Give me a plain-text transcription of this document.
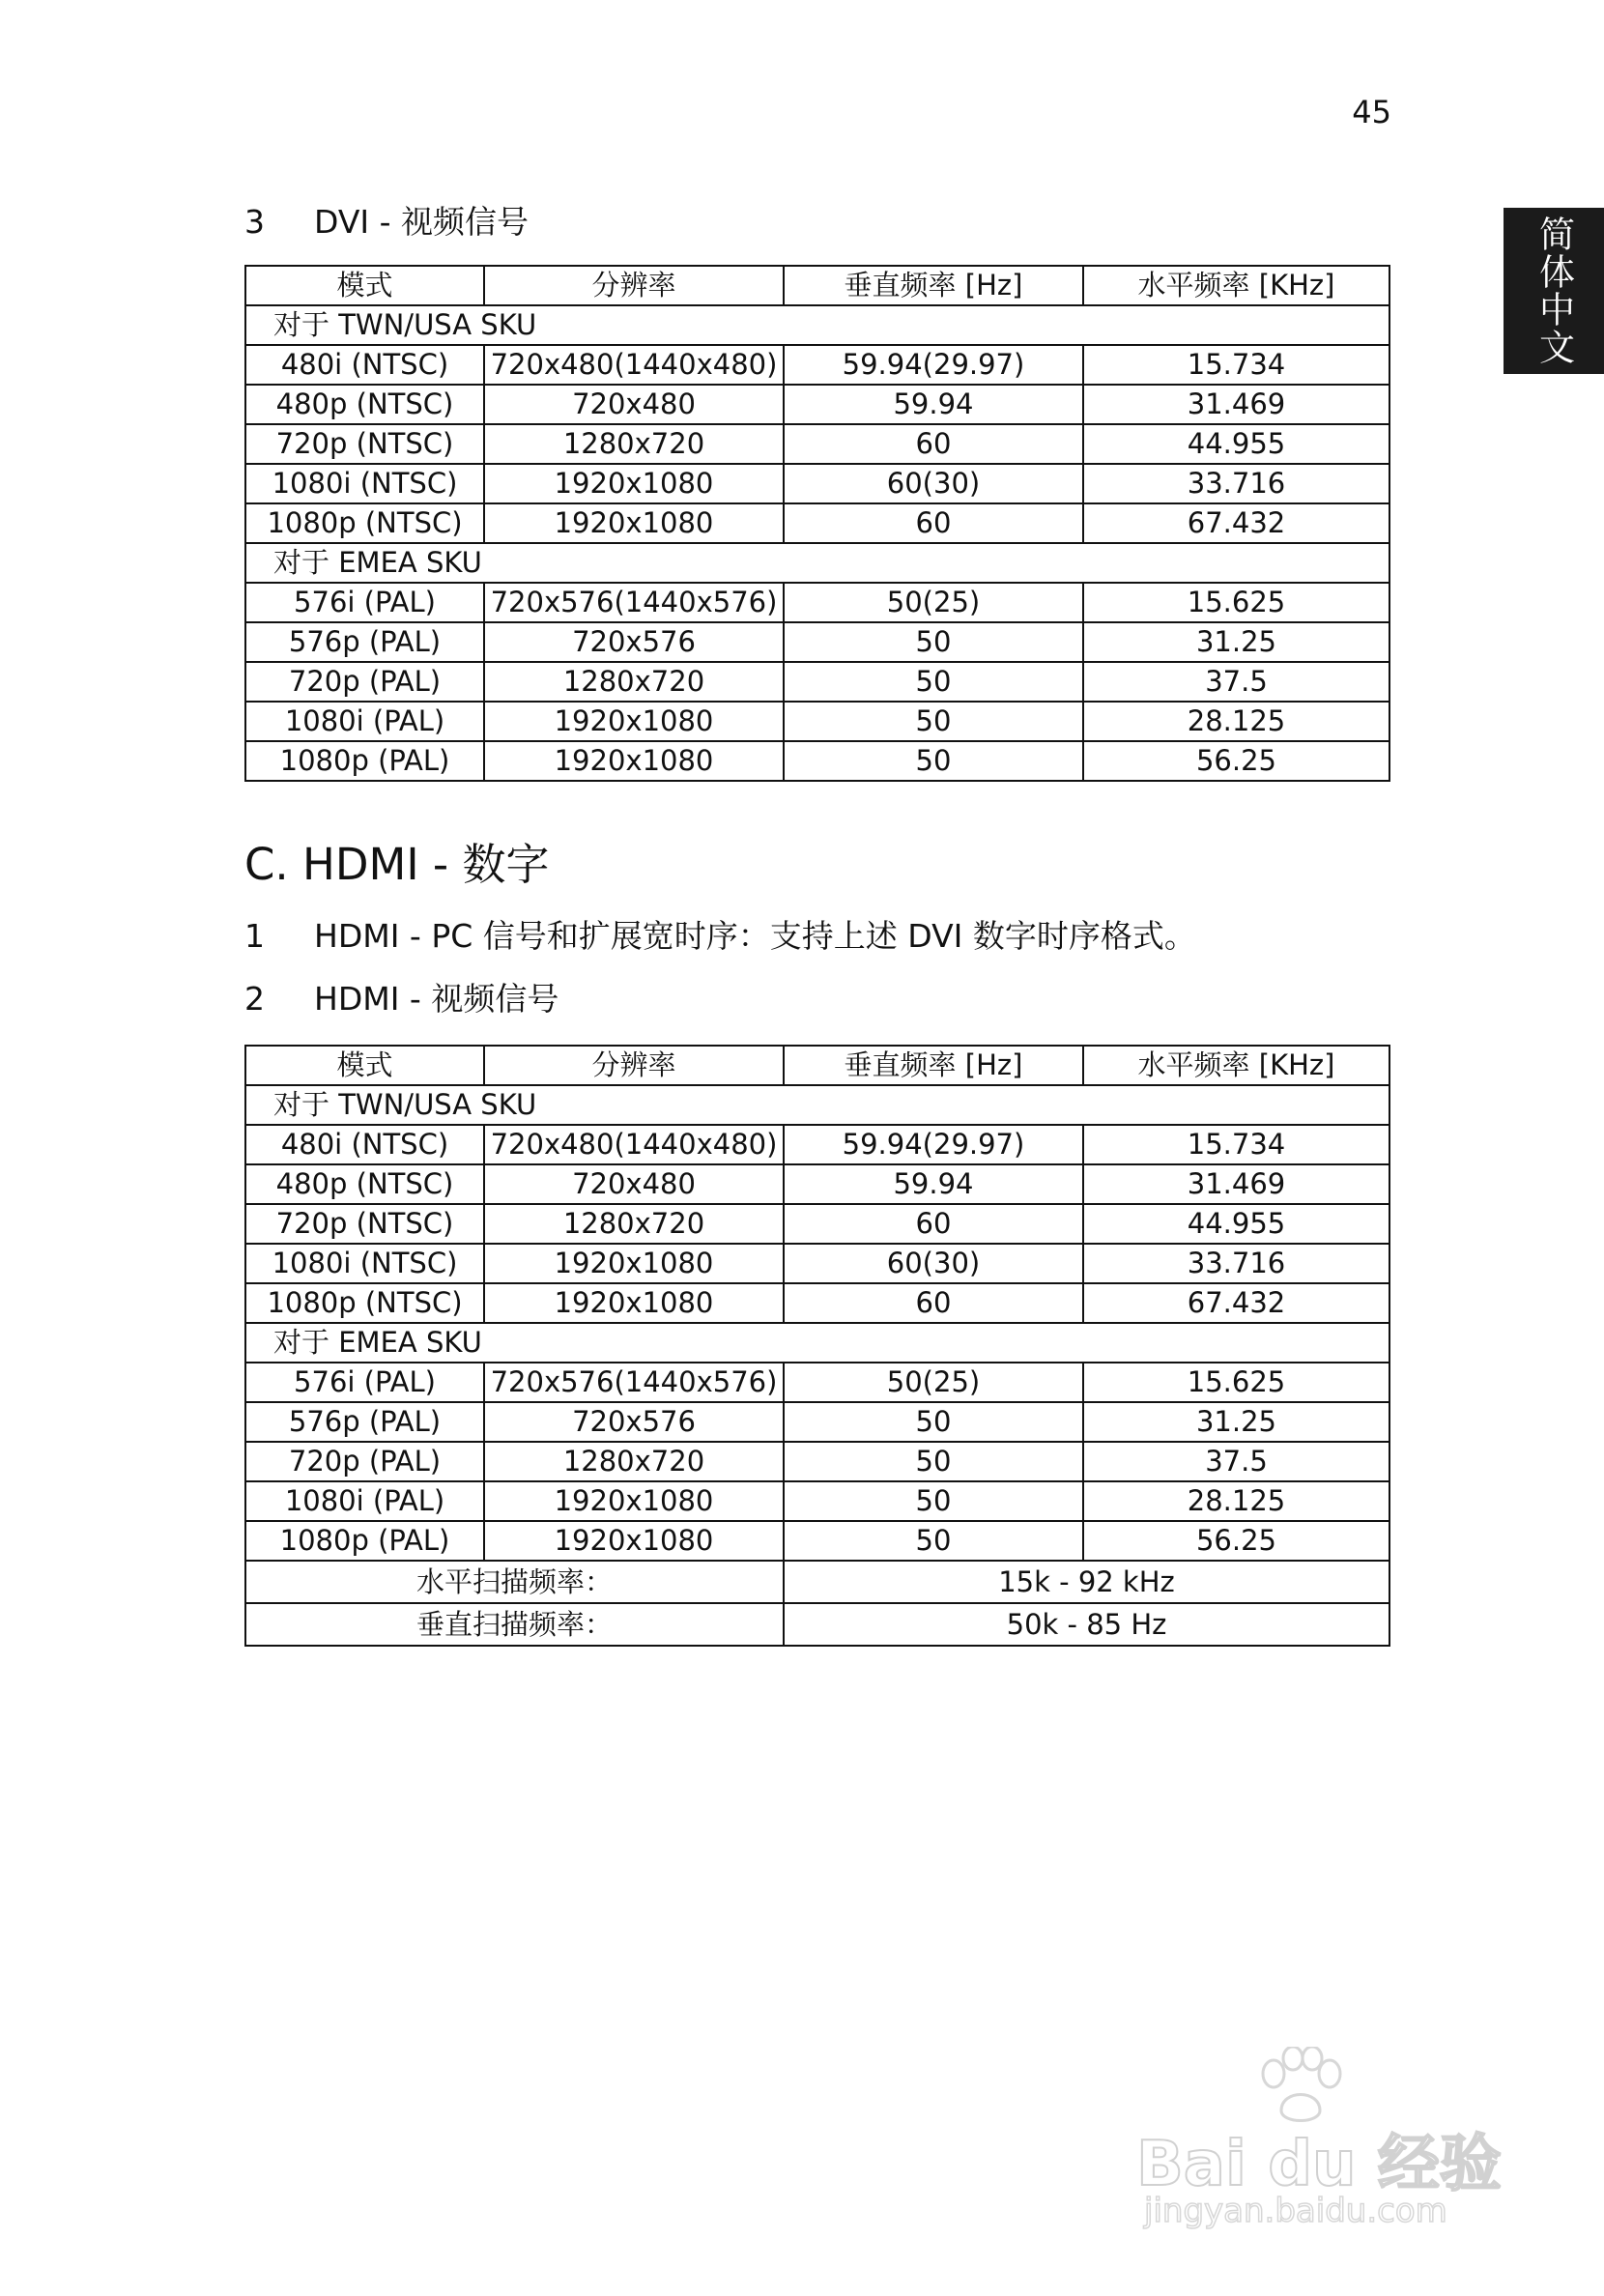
45
简体中文
3 DVI - 视频信号
模式	分辨率	垂直频率 [Hz]	水平频率 [KHz]
对于 TWN/USA SKU			
480i (NTSC)	720x480(1440x480)	59.94(29.97)	15.734
480p (NTSC)	720x480	59.94	31.469
720p (NTSC)	1280x720	60	44.955
1080i (NTSC)	1920x1080	60(30)	33.716
1080p (NTSC)	1920x1080	60	67.432
对于 EMEA SKU			
576i (PAL)	720x576(1440x576)	50(25)	15.625
576p (PAL)	720x576	50	31.25
720p (PAL)	1280x720	50	37.5
1080i (PAL)	1920x1080	50	28.125
1080p (PAL)	1920x1080	50	56.25
C. HDMI - 数字
1 HDMI - PC 信号和扩展宽时序：支持上述 DVI 数字时序格式。
2 HDMI - 视频信号
模式	分辨率	垂直频率 [Hz]	水平频率 [KHz]
对于 TWN/USA SKU			
480i (NTSC)	720x480(1440x480)	59.94(29.97)	15.734
480p (NTSC)	720x480	59.94	31.469
720p (NTSC)	1280x720	60	44.955
1080i (NTSC)	1920x1080	60(30)	33.716
1080p (NTSC)	1920x1080	60	67.432
对于 EMEA SKU			
576i (PAL)	720x576(1440x576)	50(25)	15.625
576p (PAL)	720x576	50	31.25
720p (PAL)	1280x720	50	37.5
1080i (PAL)	1920x1080	50	28.125
1080p (PAL)	1920x1080	50	56.25
水平扫描频率：		15k - 92 kHz	
垂直扫描频率：		50k - 85 Hz	
Bai du 经验
jingyan.baidu.com
